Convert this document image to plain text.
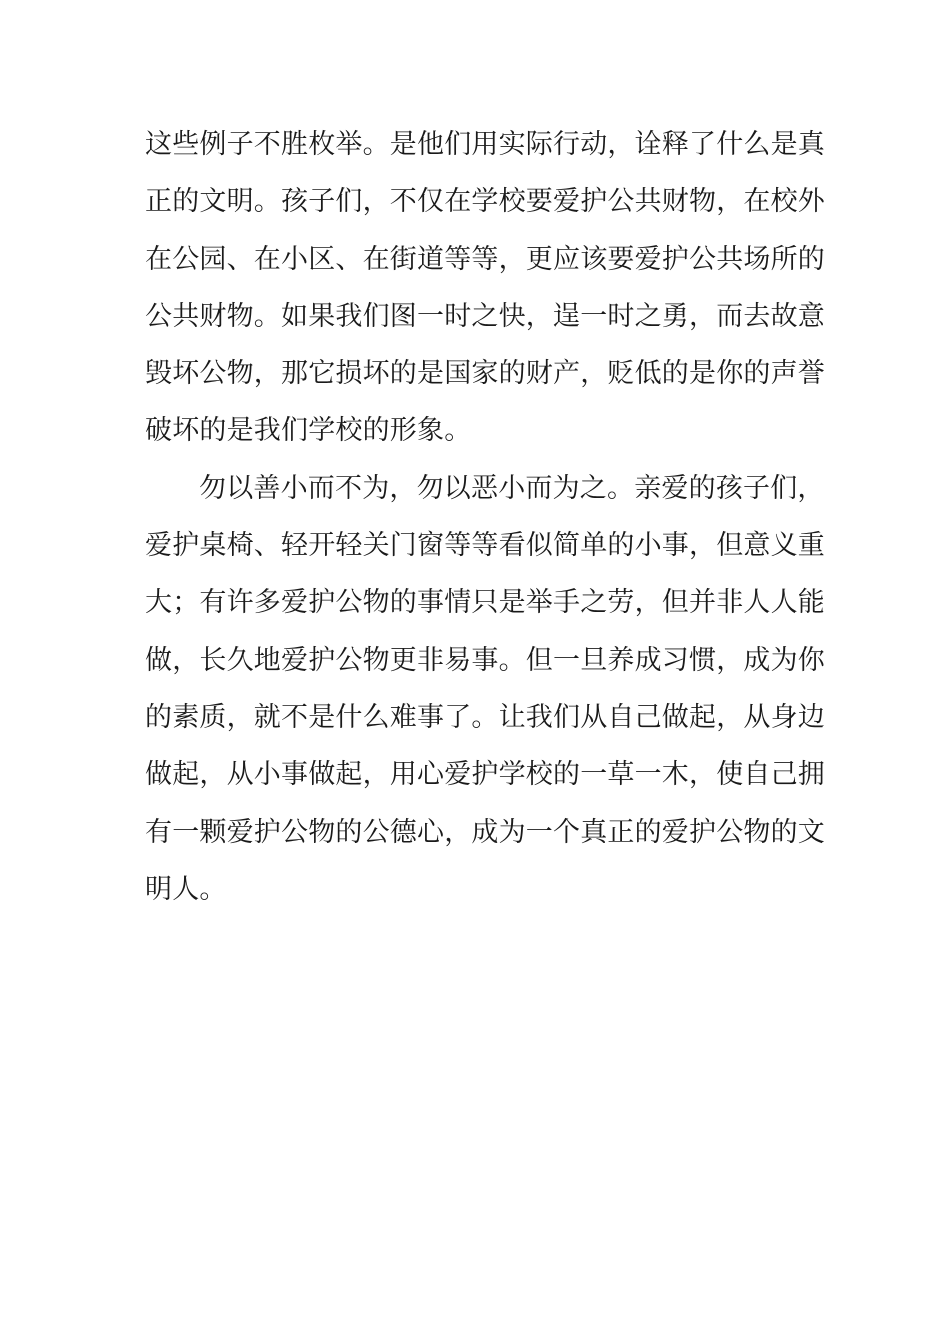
这些例子不胜枚举。是他们用实际行动，诠释了什么是真
正的文明。孩子们，不仅在学校要爱护公共财物，在校外
在公园、在小区、在街道等等，更应该要爱护公共场所的
公共财物。如果我们图一时之快，逞一时之勇，而去故意
毁坏公物，那它损坏的是国家的财产，贬低的是你的声誉
破坏的是我们学校的形象。
勿以善小而不为，勿以恶小而为之。亲爱的孩子们，
爱护桌椅、轻开轻关门窗等等看似简单的小事，但意义重
大；有许多爱护公物的事情只是举手之劳，但并非人人能
做，长久地爱护公物更非易事。但一旦养成习惯，成为你
的素质，就不是什么难事了。让我们从自己做起，从身边
做起，从小事做起，用心爱护学校的一草一木，使自己拥
有一颗爱护公物的公德心，成为一个真正的爱护公物的文
明人。
